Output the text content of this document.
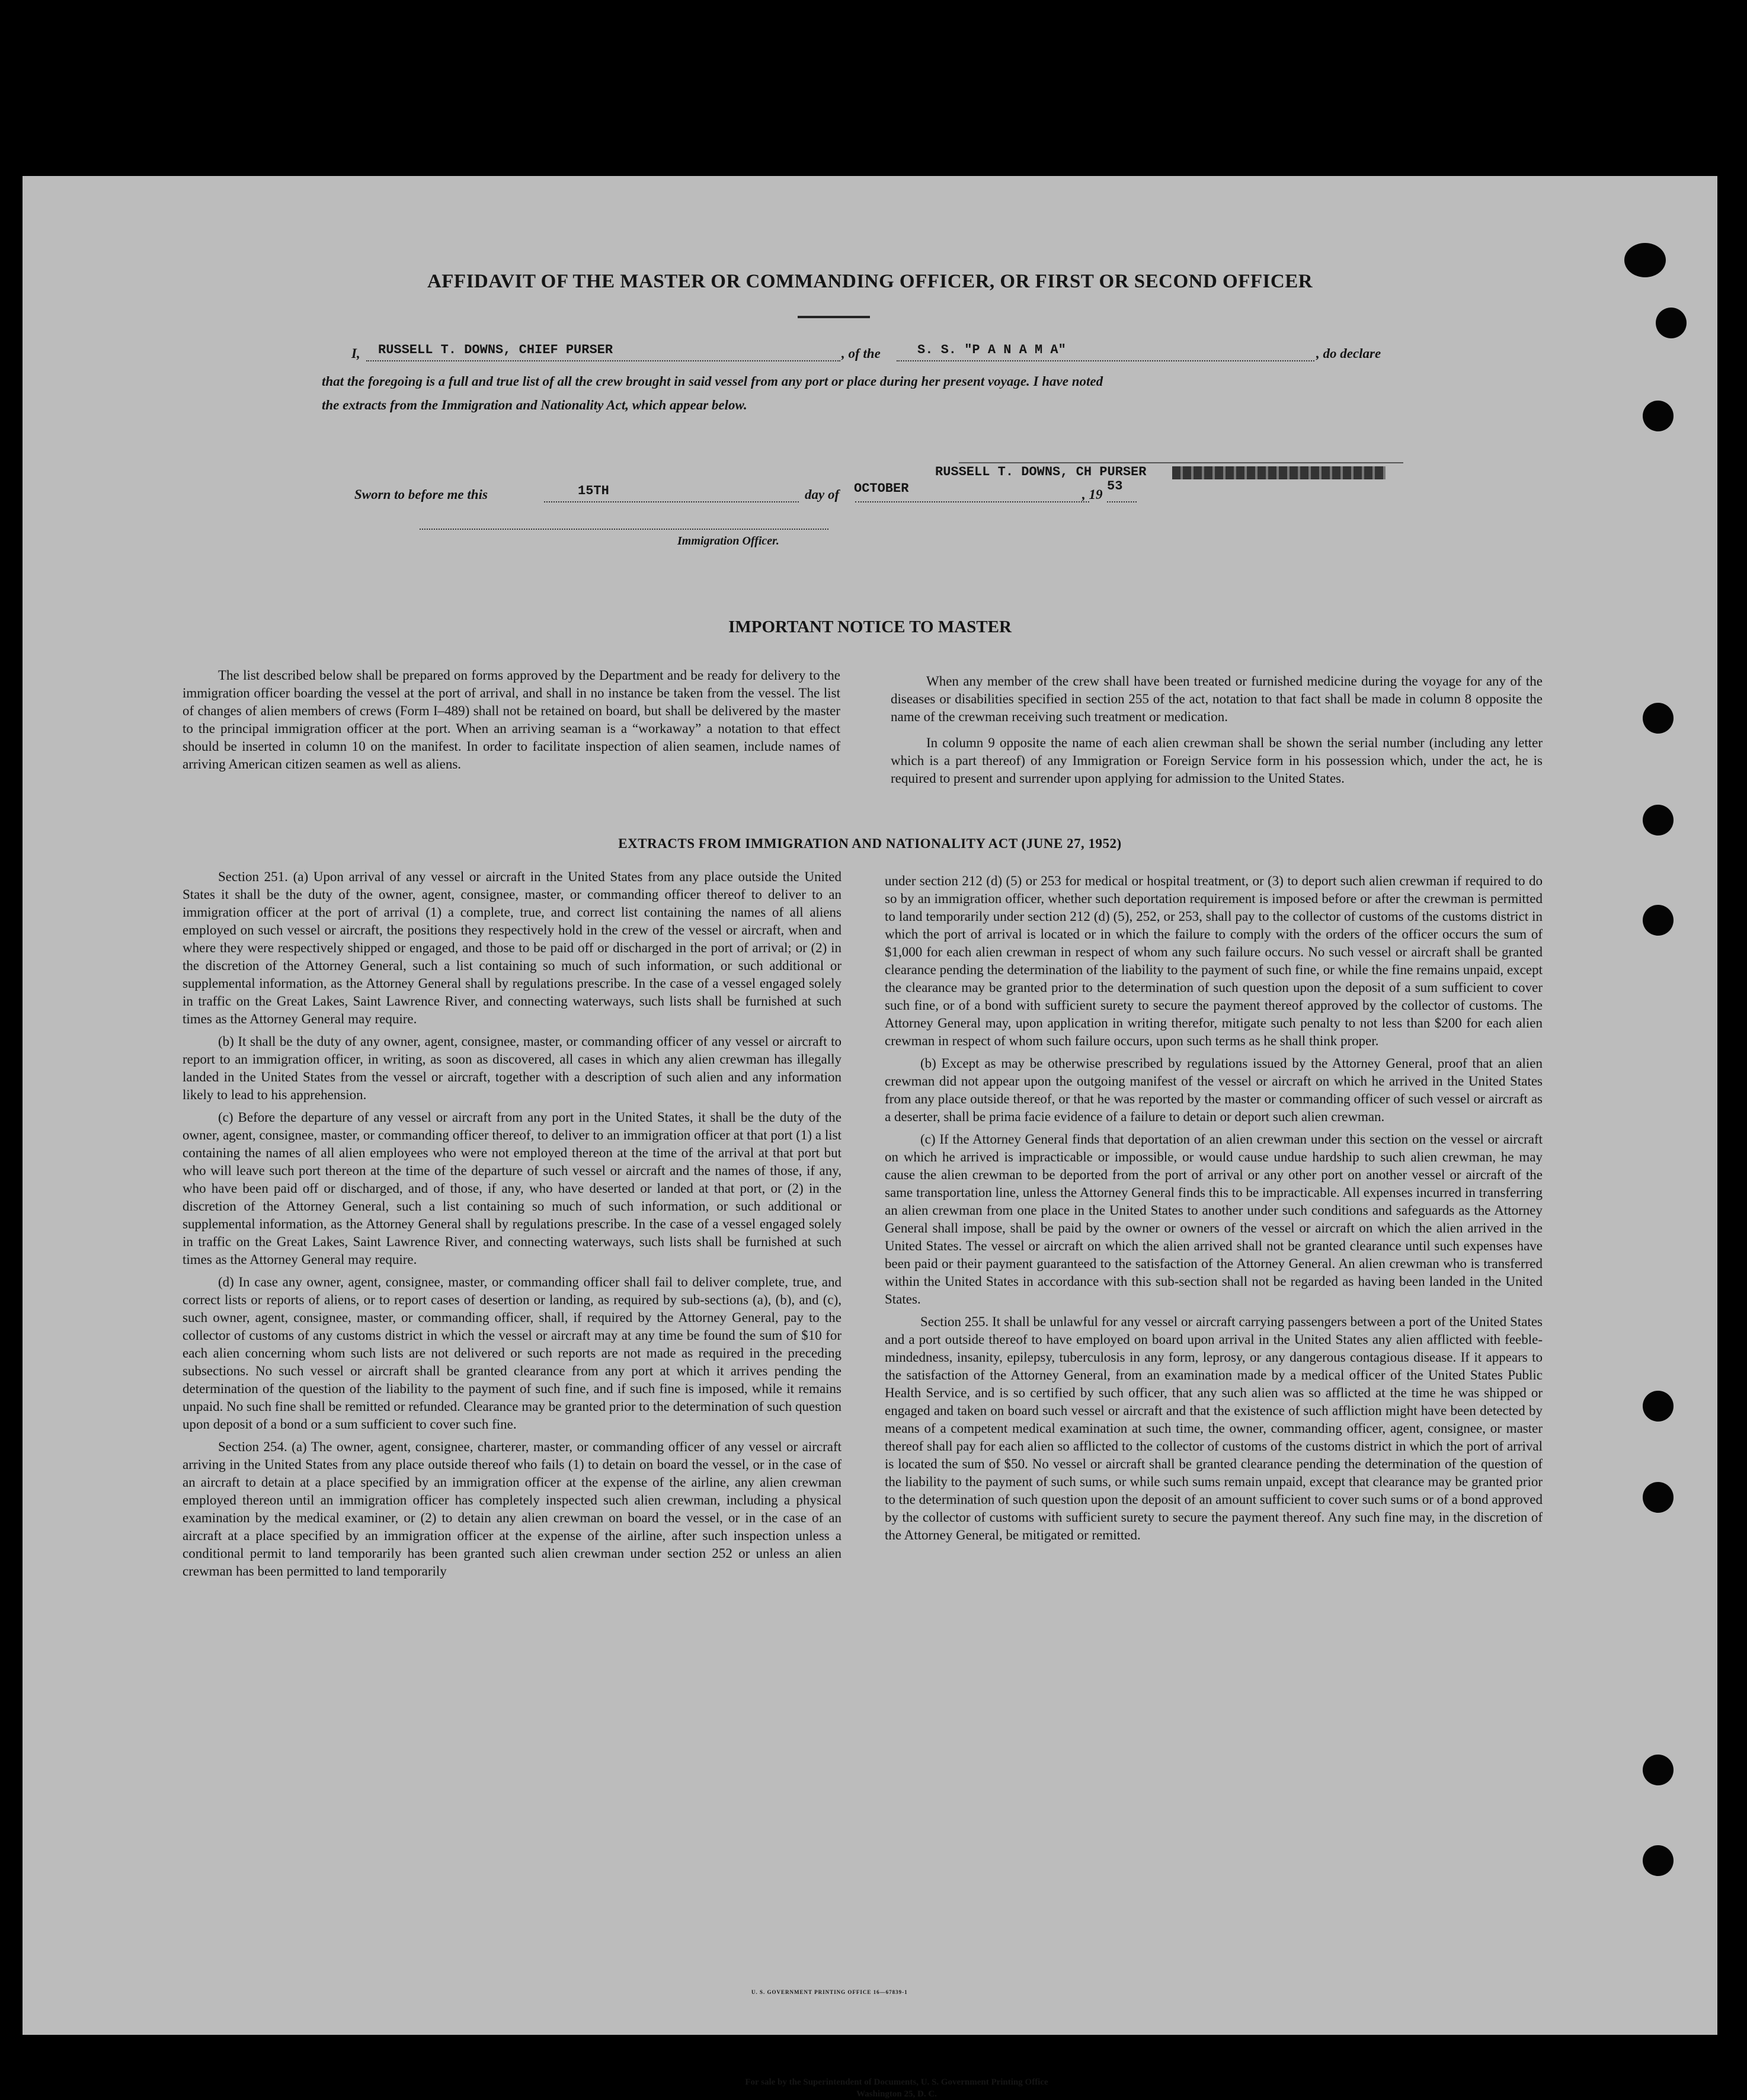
AFFIDAVIT OF THE MASTER OR COMMANDING OFFICER, OR FIRST OR SECOND OFFICER
I, RUSSELL T. DOWNS, CHIEF PURSER	, of the	S. S. "P A N A M A"	, do declare
that the foregoing is a full and true list of all the crew brought in said vessel from any port or place during her present voyage. I have noted
the extracts from the Immigration and Nationality Act, which appear below.
RUSSELL T. DOWNS, CH PURSER
Sworn to before me this	15TH	day of OCTOBER	, 19
53
Immigration Officer.
IMPORTANT NOTICE TO MASTER

The list described below shall be prepared on forms approved by the Department and be ready for delivery to the immigration officer boarding the vessel at the port of arrival, and shall in no instance be taken from the vessel. The list of changes of alien members of crews (Form I–489) shall not be retained on board, but shall be delivered by the master to the principal immigration officer at the port. When an arriving seaman is a “workaway” a notation to that effect should be inserted in column 10 on the manifest. In order to facilitate inspection of alien seamen, include names of arriving American citizen seamen as well as aliens.

When any member of the crew shall have been treated or furnished medicine during the voyage for any of the diseases or disabilities specified in section 255 of the act, notation to that fact shall be made in column 8 opposite the name of the crewman receiving such treatment or medication.

In column 9 opposite the name of each alien crewman shall be shown the serial number (including any letter which is a part thereof) of any Immigration or Foreign Service form in his possession which, under the act, he is required to present and surrender upon applying for admission to the United States.

EXTRACTS FROM IMMIGRATION AND NATIONALITY ACT (JUNE 27, 1952)

Section 251. (a) Upon arrival of any vessel or aircraft in the United States from any place outside the United States it shall be the duty of the owner, agent, consignee, master, or commanding officer thereof to deliver to an immigration officer at the port of arrival (1) a complete, true, and correct list containing the names of all aliens employed on such vessel or aircraft, the positions they respectively hold in the crew of the vessel or aircraft, when and where they were respectively shipped or engaged, and those to be paid off or discharged in the port of arrival; or (2) in the discretion of the Attorney General, such a list containing so much of such information, or such additional or supplemental information, as the Attorney General shall by regulations prescribe. In the case of a vessel engaged solely in traffic on the Great Lakes, Saint Lawrence River, and connecting waterways, such lists shall be furnished at such times as the Attorney General may require.

(b) It shall be the duty of any owner, agent, consignee, master, or commanding officer of any vessel or aircraft to report to an immigration officer, in writing, as soon as discovered, all cases in which any alien crewman has illegally landed in the United States from the vessel or aircraft, together with a description of such alien and any information likely to lead to his apprehension.

(c) Before the departure of any vessel or aircraft from any port in the United States, it shall be the duty of the owner, agent, consignee, master, or commanding officer thereof, to deliver to an immigration officer at that port (1) a list containing the names of all alien employees who were not employed thereon at the time of the arrival at that port but who will leave such port thereon at the time of the departure of such vessel or aircraft and the names of those, if any, who have been paid off or discharged, and of those, if any, who have deserted or landed at that port, or (2) in the discretion of the Attorney General, such a list containing so much of such information, or such additional or supplemental information, as the Attorney General shall by regulations prescribe. In the case of a vessel engaged solely in traffic on the Great Lakes, Saint Lawrence River, and connecting waterways, such lists shall be furnished at such times as the Attorney General may require.

(d) In case any owner, agent, consignee, master, or commanding officer shall fail to deliver complete, true, and correct lists or reports of aliens, or to report cases of desertion or landing, as required by sub-sections (a), (b), and (c), such owner, agent, consignee, master, or commanding officer, shall, if required by the Attorney General, pay to the collector of customs of any customs district in which the vessel or aircraft may at any time be found the sum of $10 for each alien concerning whom such lists are not delivered or such reports are not made as required in the preceding subsections. No such vessel or aircraft shall be granted clearance from any port at which it arrives pending the determination of the question of the liability to the payment of such fine, and if such fine is imposed, while it remains unpaid. No such fine shall be remitted or refunded. Clearance may be granted prior to the determination of such question upon deposit of a bond or a sum sufficient to cover such fine.

Section 254. (a) The owner, agent, consignee, charterer, master, or commanding officer of any vessel or aircraft arriving in the United States from any place outside thereof who fails (1) to detain on board the vessel, or in the case of an aircraft to detain at a place specified by an immigration officer at the expense of the airline, any alien crewman employed thereon until an immigration officer has completely inspected such alien crewman, including a physical examination by the medical examiner, or (2) to detain any alien crewman on board the vessel, or in the case of an aircraft at a place specified by an immigration officer at the expense of the airline, after such inspection unless a conditional permit to land temporarily has been granted such alien crewman under section 252 or unless an alien crewman has been permitted to land temporarily

under section 212 (d) (5) or 253 for medical or hospital treatment, or (3) to deport such alien crewman if required to do so by an immigration officer, whether such deportation requirement is imposed before or after the crewman is permitted to land temporarily under section 212 (d) (5), 252, or 253, shall pay to the collector of customs of the customs district in which the port of arrival is located or in which the failure to comply with the orders of the officer occurs the sum of $1,000 for each alien crewman in respect of whom any such failure occurs. No such vessel or aircraft shall be granted clearance pending the determination of the liability to the payment of such fine, or while the fine remains unpaid, except the clearance may be granted prior to the determination of such question upon the deposit of a sum sufficient to cover such fine, or of a bond with sufficient surety to secure the payment thereof approved by the collector of customs. The Attorney General may, upon application in writing therefor, mitigate such penalty to not less than $200 for each alien crewman in respect of whom such failure occurs, upon such terms as he shall think proper.

(b) Except as may be otherwise prescribed by regulations issued by the Attorney General, proof that an alien crewman did not appear upon the outgoing manifest of the vessel or aircraft on which he arrived in the United States from any place outside thereof, or that he was reported by the master or commanding officer of such vessel or aircraft as a deserter, shall be prima facie evidence of a failure to detain or deport such alien crewman.

(c) If the Attorney General finds that deportation of an alien crewman under this section on the vessel or aircraft on which he arrived is impracticable or impossible, or would cause undue hardship to such alien crewman, he may cause the alien crewman to be deported from the port of arrival or any other port on another vessel or aircraft of the same transportation line, unless the Attorney General finds this to be impracticable. All expenses incurred in transferring an alien crewman from one place in the United States to another under such conditions and safeguards as the Attorney General shall impose, shall be paid by the owner or owners of the vessel or aircraft on which the alien arrived in the United States. The vessel or aircraft on which the alien arrived shall not be granted clearance until such expenses have been paid or their payment guaranteed to the satisfaction of the Attorney General. An alien crewman who is transferred within the United States in accordance with this sub-section shall not be regarded as having been landed in the United States.

Section 255. It shall be unlawful for any vessel or aircraft carrying passengers between a port of the United States and a port outside thereof to have employed on board upon arrival in the United States any alien afflicted with feeble-mindedness, insanity, epilepsy, tuberculosis in any form, leprosy, or any dangerous contagious disease. If it appears to the satisfaction of the Attorney General, from an examination made by a medical officer of the United States Public Health Service, and is so certified by such officer, that any such alien was so afflicted at the time he was shipped or engaged and taken on board such vessel or aircraft and that the existence of such affliction might have been detected by means of a competent medical examination at such time, the owner, commanding officer, agent, consignee, or master thereof shall pay for each alien so afflicted to the collector of customs of the customs district in which the port of arrival is located the sum of $50. No vessel or aircraft shall be granted clearance pending the determination of the question of the liability to the payment of such sums, or while such sums remain unpaid, except that clearance may be granted prior to the determination of such question upon the deposit of an amount sufficient to cover such sums or of a bond approved by the collector of customs with sufficient surety to secure the payment thereof. Any such fine may, in the discretion of the Attorney General, be mitigated or remitted.

U. S. GOVERNMENT PRINTING OFFICE 16—67839-1
For sale by the Superintendent of Documents, U. S. Government Printing Office
Washington 25, D. C.
